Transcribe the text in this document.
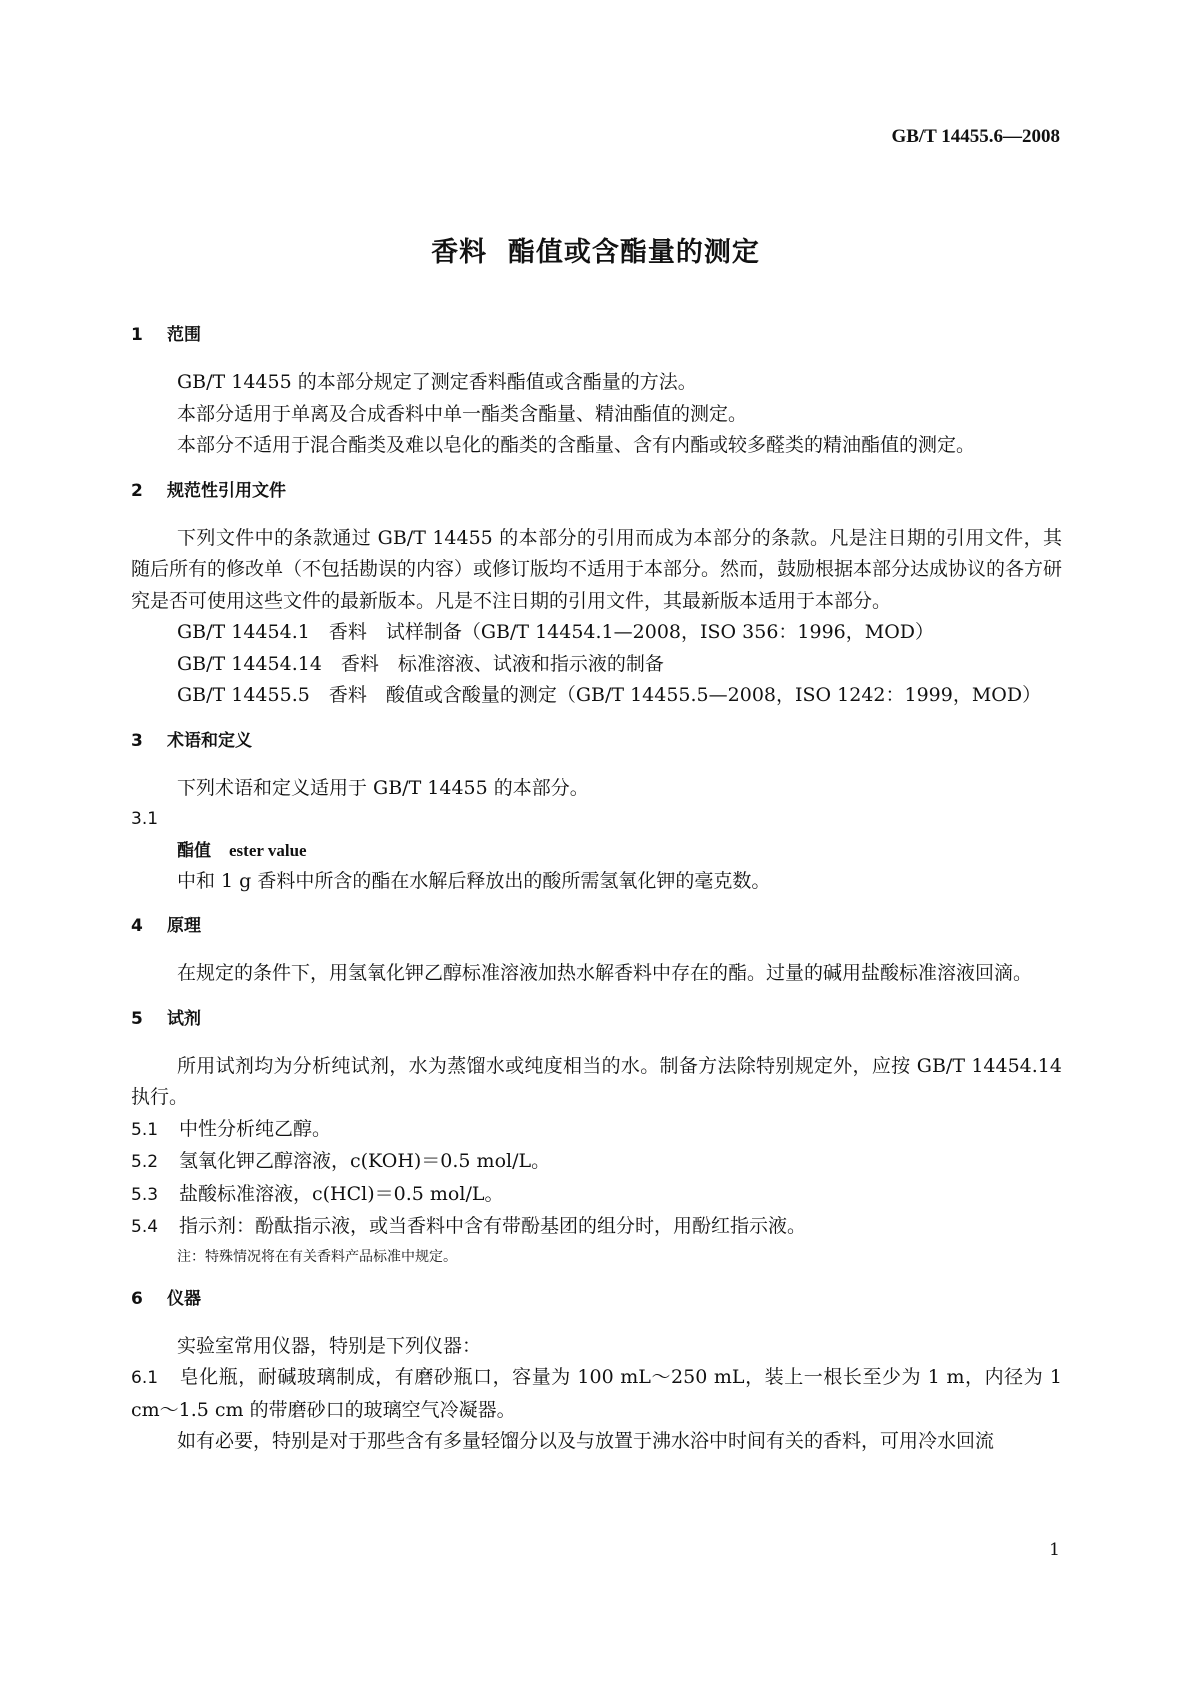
GB/T 14455.6—2008
香料  酯值或含酯量的测定
1	范围

GB/T 14455 的本部分规定了测定香料酯值或含酯量的方法。

本部分适用于单离及合成香料中单一酯类含酯量、精油酯值的测定。

本部分不适用于混合酯类及难以皂化的酯类的含酯量、含有内酯或较多醛类的精油酯值的测定。

2	规范性引用文件

下列文件中的条款通过 GB/T 14455 的本部分的引用而成为本部分的条款。凡是注日期的引用文件，其随后所有的修改单（不包括勘误的内容）或修订版均不适用于本部分。然而，鼓励根据本部分达成协议的各方研究是否可使用这些文件的最新版本。凡是不注日期的引用文件，其最新版本适用于本部分。

GB/T 14454.1　香料　试样制备（GB/T 14454.1—2008，ISO 356：1996，MOD）

GB/T 14454.14　香料　标准溶液、试液和指示液的制备

GB/T 14455.5　香料　酸值或含酸量的测定（GB/T 14455.5—2008，ISO 1242：1999，MOD）

3	术语和定义

下列术语和定义适用于 GB/T 14455 的本部分。

3.1

酯值 ester value

中和 1 g 香料中所含的酯在水解后释放出的酸所需氢氧化钾的毫克数。

4	原理

在规定的条件下，用氢氧化钾乙醇标准溶液加热水解香料中存在的酯。过量的碱用盐酸标准溶液回滴。

5	试剂

所用试剂均为分析纯试剂，水为蒸馏水或纯度相当的水。制备方法除特别规定外，应按 GB/T 14454.14 执行。

5.1	中性分析纯乙醇。

5.2	氢氧化钾乙醇溶液，c(KOH)＝0.5 mol/L。

5.3	盐酸标准溶液，c(HCl)＝0.5 mol/L。

5.4	指示剂：酚酞指示液，或当香料中含有带酚基团的组分时，用酚红指示液。

注：特殊情况将在有关香料产品标准中规定。
6	仪器

实验室常用仪器，特别是下列仪器：

6.1 皂化瓶，耐碱玻璃制成，有磨砂瓶口，容量为 100 mL～250 mL，装上一根长至少为 1 m，内径为 1 cm～1.5 cm 的带磨砂口的玻璃空气冷凝器。

如有必要，特别是对于那些含有多量轻馏分以及与放置于沸水浴中时间有关的香料，可用冷水回流

1
